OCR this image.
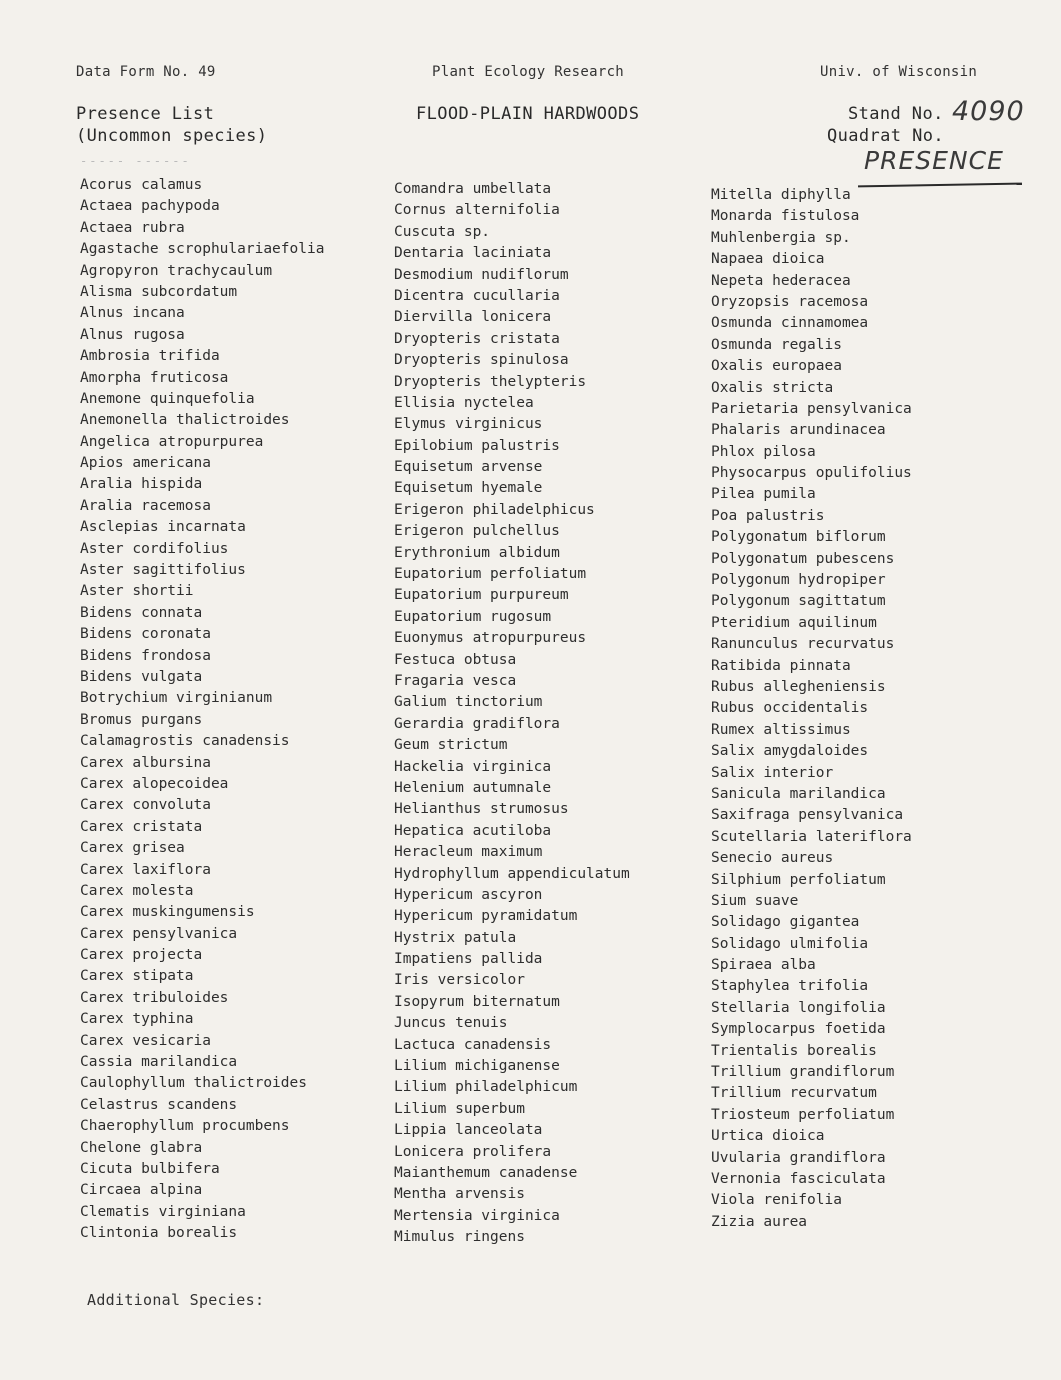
Data Form No. 49	Plant Ecology Research	Univ. of Wisconsin
Presence List
(Uncommon species)
FLOOD-PLAIN HARDWOODS	Stand No. 4090
Quadrat No.
PRESENCE
----- ------
Acorus calamus
Actaea pachypoda
Actaea rubra
Agastache scrophulariaefolia
Agropyron trachycaulum
Alisma subcordatum
Alnus incana
Alnus rugosa
Ambrosia trifida
Amorpha fruticosa
Anemone quinquefolia
Anemonella thalictroides
Angelica atropurpurea
Apios americana
Aralia hispida
Aralia racemosa
Asclepias incarnata
Aster cordifolius
Aster sagittifolius
Aster shortii
Bidens connata
Bidens coronata
Bidens frondosa
Bidens vulgata
Botrychium virginianum
Bromus purgans
Calamagrostis canadensis
Carex albursina
Carex alopecoidea
Carex convoluta
Carex cristata
Carex grisea
Carex laxiflora
Carex molesta
Carex muskingumensis
Carex pensylvanica
Carex projecta
Carex stipata
Carex tribuloides
Carex typhina
Carex vesicaria
Cassia marilandica
Caulophyllum thalictroides
Celastrus scandens
Chaerophyllum procumbens
Chelone glabra
Cicuta bulbifera
Circaea alpina
Clematis virginiana
Clintonia borealis
Comandra umbellata
Cornus alternifolia
Cuscuta sp.
Dentaria laciniata
Desmodium nudiflorum
Dicentra cucullaria
Diervilla lonicera
Dryopteris cristata
Dryopteris spinulosa
Dryopteris thelypteris
Ellisia nyctelea
Elymus virginicus
Epilobium palustris
Equisetum arvense
Equisetum hyemale
Erigeron philadelphicus
Erigeron pulchellus
Erythronium albidum
Eupatorium perfoliatum
Eupatorium purpureum
Eupatorium rugosum
Euonymus atropurpureus
Festuca obtusa
Fragaria vesca
Galium tinctorium
Gerardia gradiflora
Geum strictum
Hackelia virginica
Helenium autumnale
Helianthus strumosus
Hepatica acutiloba
Heracleum maximum
Hydrophyllum appendiculatum
Hypericum ascyron
Hypericum pyramidatum
Hystrix patula
Impatiens pallida
Iris versicolor
Isopyrum biternatum
Juncus tenuis
Lactuca canadensis
Lilium michiganense
Lilium philadelphicum
Lilium superbum
Lippia lanceolata
Lonicera prolifera
Maianthemum canadense
Mentha arvensis
Mertensia virginica
Mimulus ringens
Mitella diphylla
Monarda fistulosa
Muhlenbergia sp.
Napaea dioica
Nepeta hederacea
Oryzopsis racemosa
Osmunda cinnamomea
Osmunda regalis
Oxalis europaea
Oxalis stricta
Parietaria pensylvanica
Phalaris arundinacea
Phlox pilosa
Physocarpus opulifolius
Pilea pumila
Poa palustris
Polygonatum biflorum
Polygonatum pubescens
Polygonum hydropiper
Polygonum sagittatum
Pteridium aquilinum
Ranunculus recurvatus
Ratibida pinnata
Rubus allegheniensis
Rubus occidentalis
Rumex altissimus
Salix amygdaloides
Salix interior
Sanicula marilandica
Saxifraga pensylvanica
Scutellaria lateriflora
Senecio aureus
Silphium perfoliatum
Sium suave
Solidago gigantea
Solidago ulmifolia
Spiraea alba
Staphylea trifolia
Stellaria longifolia
Symplocarpus foetida
Trientalis borealis
Trillium grandiflorum
Trillium recurvatum
Triosteum perfoliatum
Urtica dioica
Uvularia grandiflora
Vernonia fasciculata
Viola renifolia
Zizia aurea
Additional Species:
